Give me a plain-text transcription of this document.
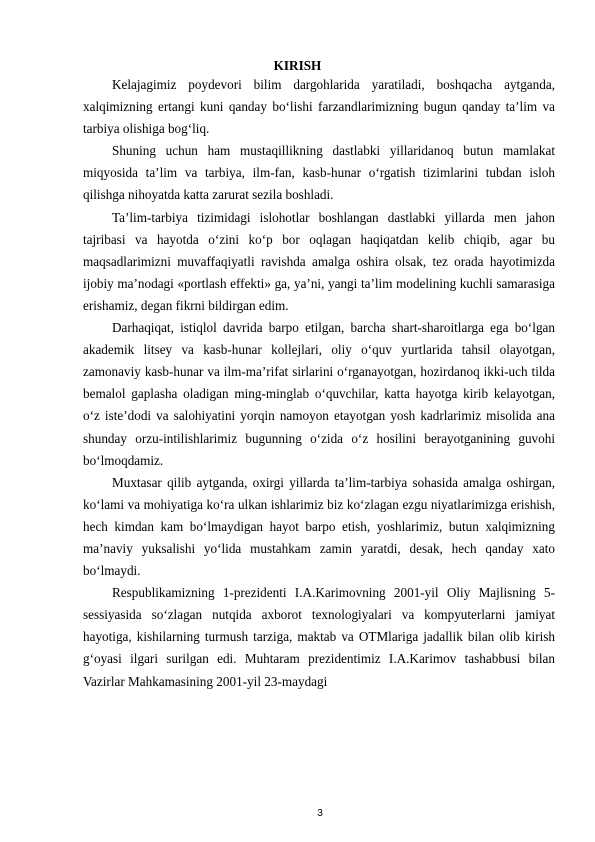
KIRISH

Kelajagimiz poydevori bilim dargohlarida yaratiladi, boshqacha aytganda, xalqimizning ertangi kuni qanday bo‘lishi farzandlarimizning bugun qanday ta’lim va tarbiya olishiga bog‘liq.

Shuning uchun ham mustaqillikning dastlabki yillaridanoq butun mamlakat miqyosida ta’lim va tarbiya, ilm-fan, kasb-hunar o‘rgatish tizimlarini tubdan isloh qilishga nihoyatda katta zarurat sezila boshladi.

Ta’lim-tarbiya tizimidagi islohotlar boshlangan dastlabki yillarda men jahon tajribasi va hayotda o‘zini ko‘p bor oqlagan haqiqatdan kelib chiqib, agar bu maqsadlarimizni muvaffaqiyatli ravishda amalga oshira olsak, tez orada hayotimizda ijobiy ma’nodagi «portlash effekti» ga, ya’ni, yangi ta’lim modelining kuchli samarasiga erishamiz, degan fikrni bildirgan edim.

Darhaqiqat, istiqlol davrida barpo etilgan, barcha shart-sharoitlarga ega bo‘lgan akademik litsey va kasb-hunar kollejlari, oliy o‘quv yurtlarida tahsil olayotgan, zamonaviy kasb-hunar va ilm-ma’rifat sirlarini o‘rganayotgan, hozirdanoq ikki-uch tilda bemalol gaplasha oladigan ming-minglab o‘quvchilar, katta hayotga kirib kelayotgan, o‘z iste’dodi va salohiyatini yorqin namoyon etayotgan yosh kadrlarimiz misolida ana shunday orzu-intilishlarimiz bugunning o‘zida o‘z hosilini berayotganining guvohi bo‘lmoqdamiz.

Muxtasar qilib aytganda, oxirgi yillarda ta’lim-tarbiya sohasida amalga oshirgan, ko‘lami va mohiyatiga ko‘ra ulkan ishlarimiz biz ko‘zlagan ezgu niyatlarimizga erishish, hech kimdan kam bo‘lmaydigan hayot barpo etish, yoshlarimiz, butun xalqimizning ma’naviy yuksalishi yo‘lida mustahkam zamin yaratdi, desak, hech qanday xato bo‘lmaydi.

Respublikamizning 1-prezidenti I.A.Karimovning 2001-yil Oliy Majlisning 5-sessiyasida so‘zlagan nutqida axborot texnologiyalari va kompyuterlarni jamiyat hayotiga, kishilarning turmush tarziga, maktab va OTMlariga jadallik bilan olib kirish g‘oyasi ilgari surilgan edi. Muhtaram prezidentimiz I.A.Karimov tashabbusi bilan Vazirlar Mahkamasining 2001-yil 23-maydagi

3
